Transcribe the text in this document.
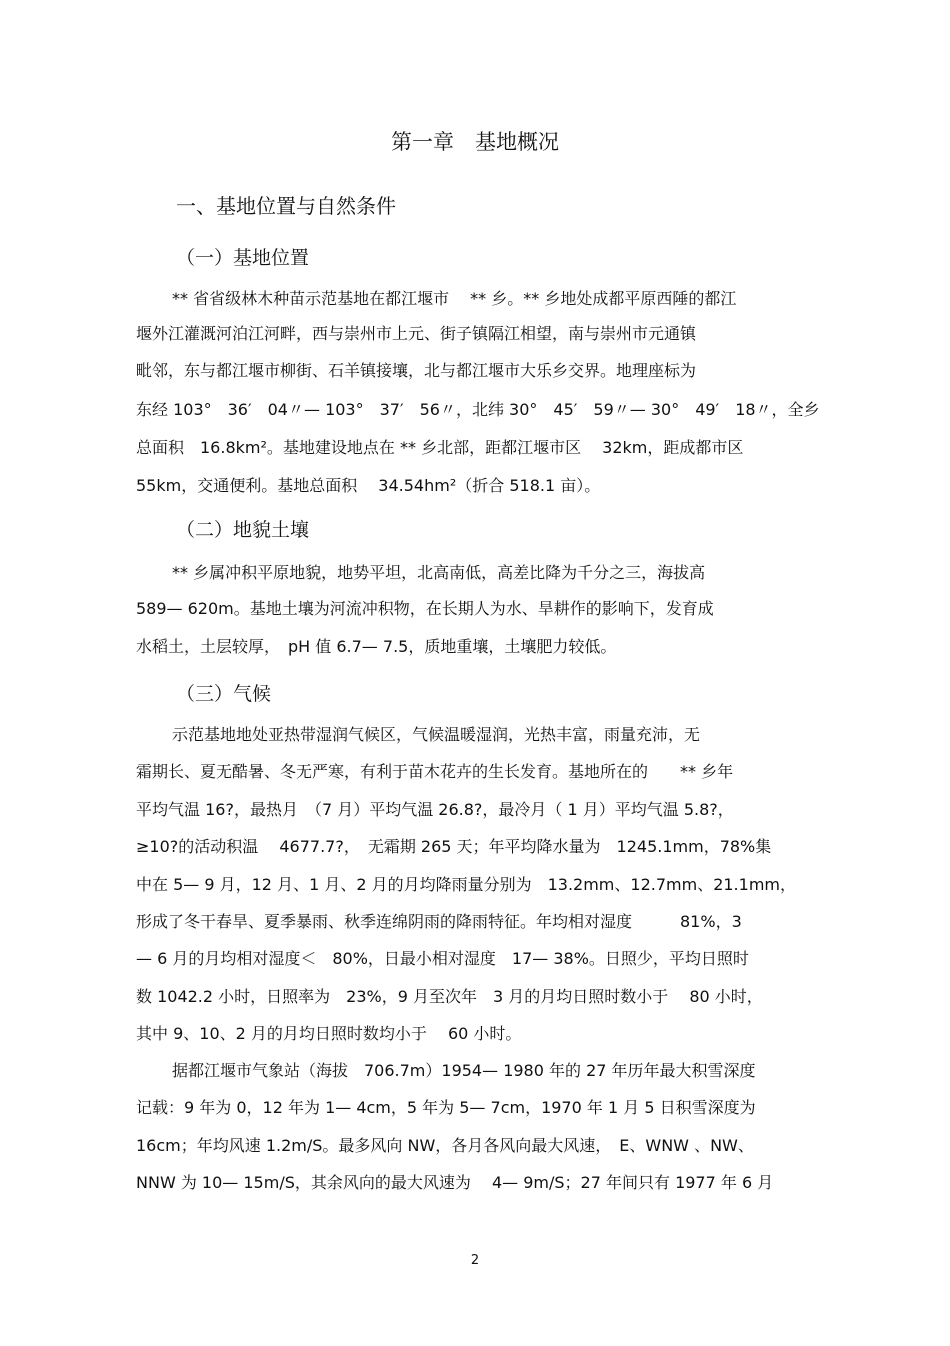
第一章　基地概况
一、基地位置与自然条件
（一）基地位置
** 省省级林木种苗示范基地在都江堰市　 ** 乡。** 乡地处成都平原西陲的都江
堰外江灌溉河泊江河畔，西与崇州市上元、街子镇隔江相望，南与崇州市元通镇
毗邻，东与都江堰市柳街、石羊镇接壤，北与都江堰市大乐乡交界。地理座标为
东经 103°　36′　04〃— 103°　37′　56〃，北纬 30°　45′　59〃— 30°　49′　18〃，全乡
总面积　16.8km²。基地建设地点在 ** 乡北部，距都江堰市区　 32km，距成都市区
55km，交通便利。基地总面积　 34.54hm²（折合 518.1 亩）。
（二）地貌土壤
** 乡属冲积平原地貌，地势平坦，北高南低，高差比降为千分之三，海拔高
589— 620m。基地土壤为河流冲积物，在长期人为水、旱耕作的影响下，发育成
水稻土，土层较厚，　pH 值 6.7— 7.5，质地重壤，土壤肥力较低。
（三）气候
示范基地地处亚热带湿润气候区，气候温暖湿润，光热丰富，雨量充沛，无
霜期长、夏无酷暑、冬无严寒，有利于苗木花卉的生长发育。基地所在的　　** 乡年
平均气温 16?，最热月　（7 月）平均气温 26.8?，最冷月（ 1 月）平均气温 5.8?，
≥10?的活动积温　 4677.7?，　无霜期 265 天；年平均降水量为　1245.1mm，78%集
中在 5— 9 月，12 月、1 月、2 月的月均降雨量分别为　13.2mm、12.7mm、21.1mm，
形成了冬干春旱、夏季暴雨、秋季连绵阴雨的降雨特征。年均相对湿度　　　81%，3
— 6 月的月均相对湿度＜　80%，日最小相对湿度　17— 38%。日照少，平均日照时
数 1042.2 小时，日照率为　23%，9 月至次年　3 月的月均日照时数小于　 80 小时，
其中 9、10、2 月的月均日照时数均小于　 60 小时。
据都江堰市气象站（海拔　706.7m）1954— 1980 年的 27 年历年最大积雪深度
记载：9 年为 0，12 年为 1— 4cm，5 年为 5— 7cm，1970 年 1 月 5 日积雪深度为
16cm；年均风速 1.2m/S。最多风向 NW，各月各风向最大风速，　E、WNW 、NW、
NNW 为 10— 15m/S，其余风向的最大风速为　 4— 9m/S；27 年间只有 1977 年 6 月
2
